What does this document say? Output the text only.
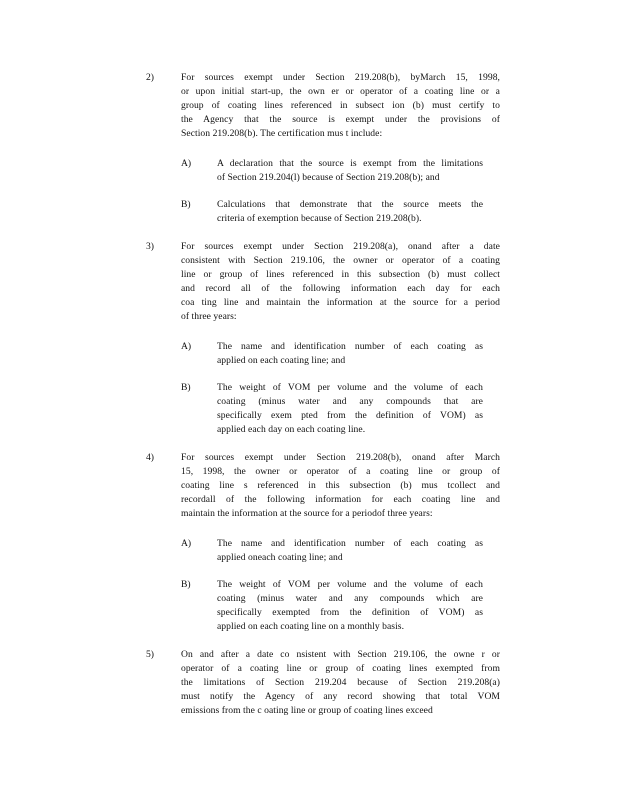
2)	For sources exempt under Section 219.208(b), byMarch 15, 1998,
or upon initial start-up, the own er or operator of a coating line or a
group of coating lines referenced in subsect ion (b) must certify to
the Agency that the source is exempt under the provisions of
Section 219.208(b). The certification mus t include:
A)	A declaration that the source is exempt from the limitations
of Section 219.204(l) because of Section 219.208(b); and
B)	Calculations that demonstrate that the source meets the
criteria of exemption because of Section 219.208(b).
3)	For sources exempt under Section 219.208(a), onand after a date
consistent with Section 219.106, the owner or operator of a coating
line or group of lines referenced in this subsection (b) must collect
and record all of the following information each day for each
coa ting line and maintain the information at the source for a period
of three years:
A)	The name and identification number of each coating as
applied on each coating line; and
B)	The weight of VOM per volume and the volume of each
coating (minus water and any compounds that are
specifically exem pted from the definition of VOM) as
applied each day on each coating line.
4)	For sources exempt under Section 219.208(b), onand after March
15, 1998, the owner or operator of a coating line or group of
coating line s referenced in this subsection (b) mus tcollect and
recordall of the following information for each coating line and
maintain the information at the source for a periodof three years:
A)	The name and identification number of each coating as
applied oneach coating line; and
B)	The weight of VOM per volume and the volume of each
coating (minus water and any compounds which are
specifically exempted from the definition of VOM) as
applied on each coating line on a monthly basis.
5)	On and after a date co nsistent with Section 219.106, the owne r or
operator of a coating line or group of coating lines exempted from
the limitations of Section 219.204 because of Section 219.208(a)
must notify the Agency of any record showing that total VOM
emissions from the c oating line or group of coating lines exceed
